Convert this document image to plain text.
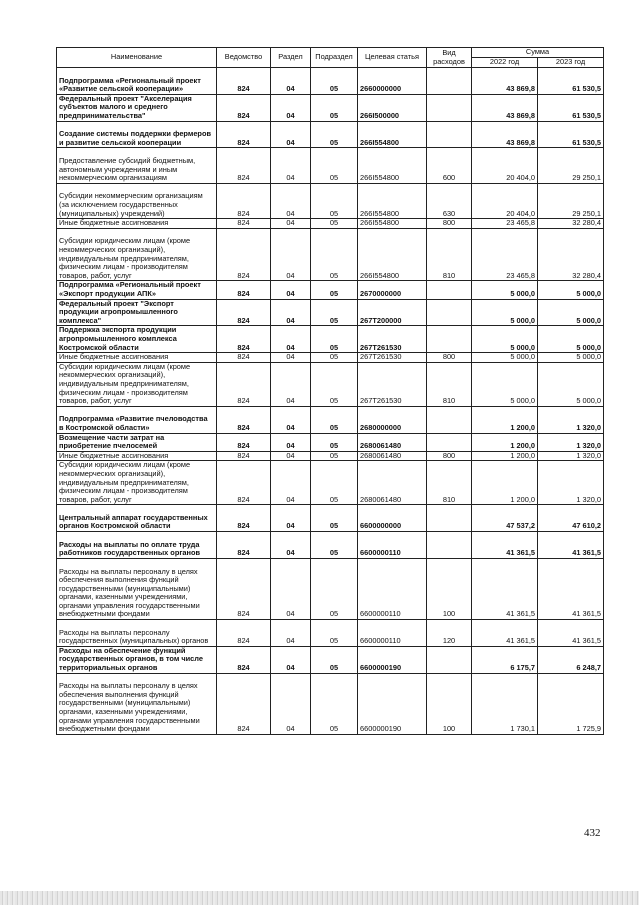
Наименование	Ведомство	Раздел	Подраздел	Целевая статья	Вид расходов	Сумма	
						2022 год	2023 год
Подпрограмма «Региональный проект «Развитие сельской кооперации»	824	04	05	2660000000		43 869,8	61 530,5
Федеральный проект "Акселерация субъектов малого и среднего предпринимательства"	824	04	05	266I500000		43 869,8	61 530,5
Создание системы поддержки фермеров и развитие сельской кооперации	824	04	05	266I554800		43 869,8	61 530,5
Предоставление субсидий бюджетным, автономным учреждениям и иным некоммерческим организациям	824	04	05	266I554800	600	20 404,0	29 250,1
Субсидии некоммерческим организациям (за исключением государственных (муниципальных) учреждений)	824	04	05	266I554800	630	20 404,0	29 250,1
Иные бюджетные ассигнования	824	04	05	266I554800	800	23 465,8	32 280,4
Субсидии юридическим лицам (кроме некоммерческих организаций), индивидуальным предпринимателям, физическим лицам - производителям товаров, работ, услуг	824	04	05	266I554800	810	23 465,8	32 280,4
Подпрограмма «Региональный проект «Экспорт продукции АПК»	824	04	05	2670000000		5 000,0	5 000,0
Федеральный проект "Экспорт продукции агропромышленного комплекса"	824	04	05	267T200000		5 000,0	5 000,0
Поддержка экспорта продукции агропромышленного комплекса Костромской области	824	04	05	267T261530		5 000,0	5 000,0
Иные бюджетные ассигнования	824	04	05	267T261530	800	5 000,0	5 000,0
Субсидии юридическим лицам (кроме некоммерческих организаций), индивидуальным предпринимателям, физическим лицам - производителям товаров, работ, услуг	824	04	05	267T261530	810	5 000,0	5 000,0
Подпрограмма «Развитие пчеловодства в Костромской области»	824	04	05	2680000000		1 200,0	1 320,0
Возмещение части затрат на приобретение пчелосемей	824	04	05	2680061480		1 200,0	1 320,0
Иные бюджетные ассигнования	824	04	05	2680061480	800	1 200,0	1 320,0
Субсидии юридическим лицам (кроме некоммерческих организаций), индивидуальным предпринимателям, физическим лицам - производителям товаров, работ, услуг	824	04	05	2680061480	810	1 200,0	1 320,0
Центральный аппарат государственных органов Костромской области	824	04	05	6600000000		47 537,2	47 610,2
Расходы на выплаты по оплате труда работников государственных органов	824	04	05	6600000110		41 361,5	41 361,5
Расходы на выплаты персоналу в целях обеспечения выполнения функций государственными (муниципальными) органами, казенными учреждениями, органами управления государственными внебюджетными фондами	824	04	05	6600000110	100	41 361,5	41 361,5
Расходы на выплаты персоналу государственных (муниципальных) органов	824	04	05	6600000110	120	41 361,5	41 361,5
Расходы на обеспечение функций государственных органов, в том числе территориальных органов	824	04	05	6600000190		6 175,7	6 248,7
Расходы на выплаты персоналу в целях обеспечения выполнения функций государственными (муниципальными) органами, казенными учреждениями, органами управления государственными внебюджетными фондами	824	04	05	6600000190	100	1 730,1	1 725,9
432
